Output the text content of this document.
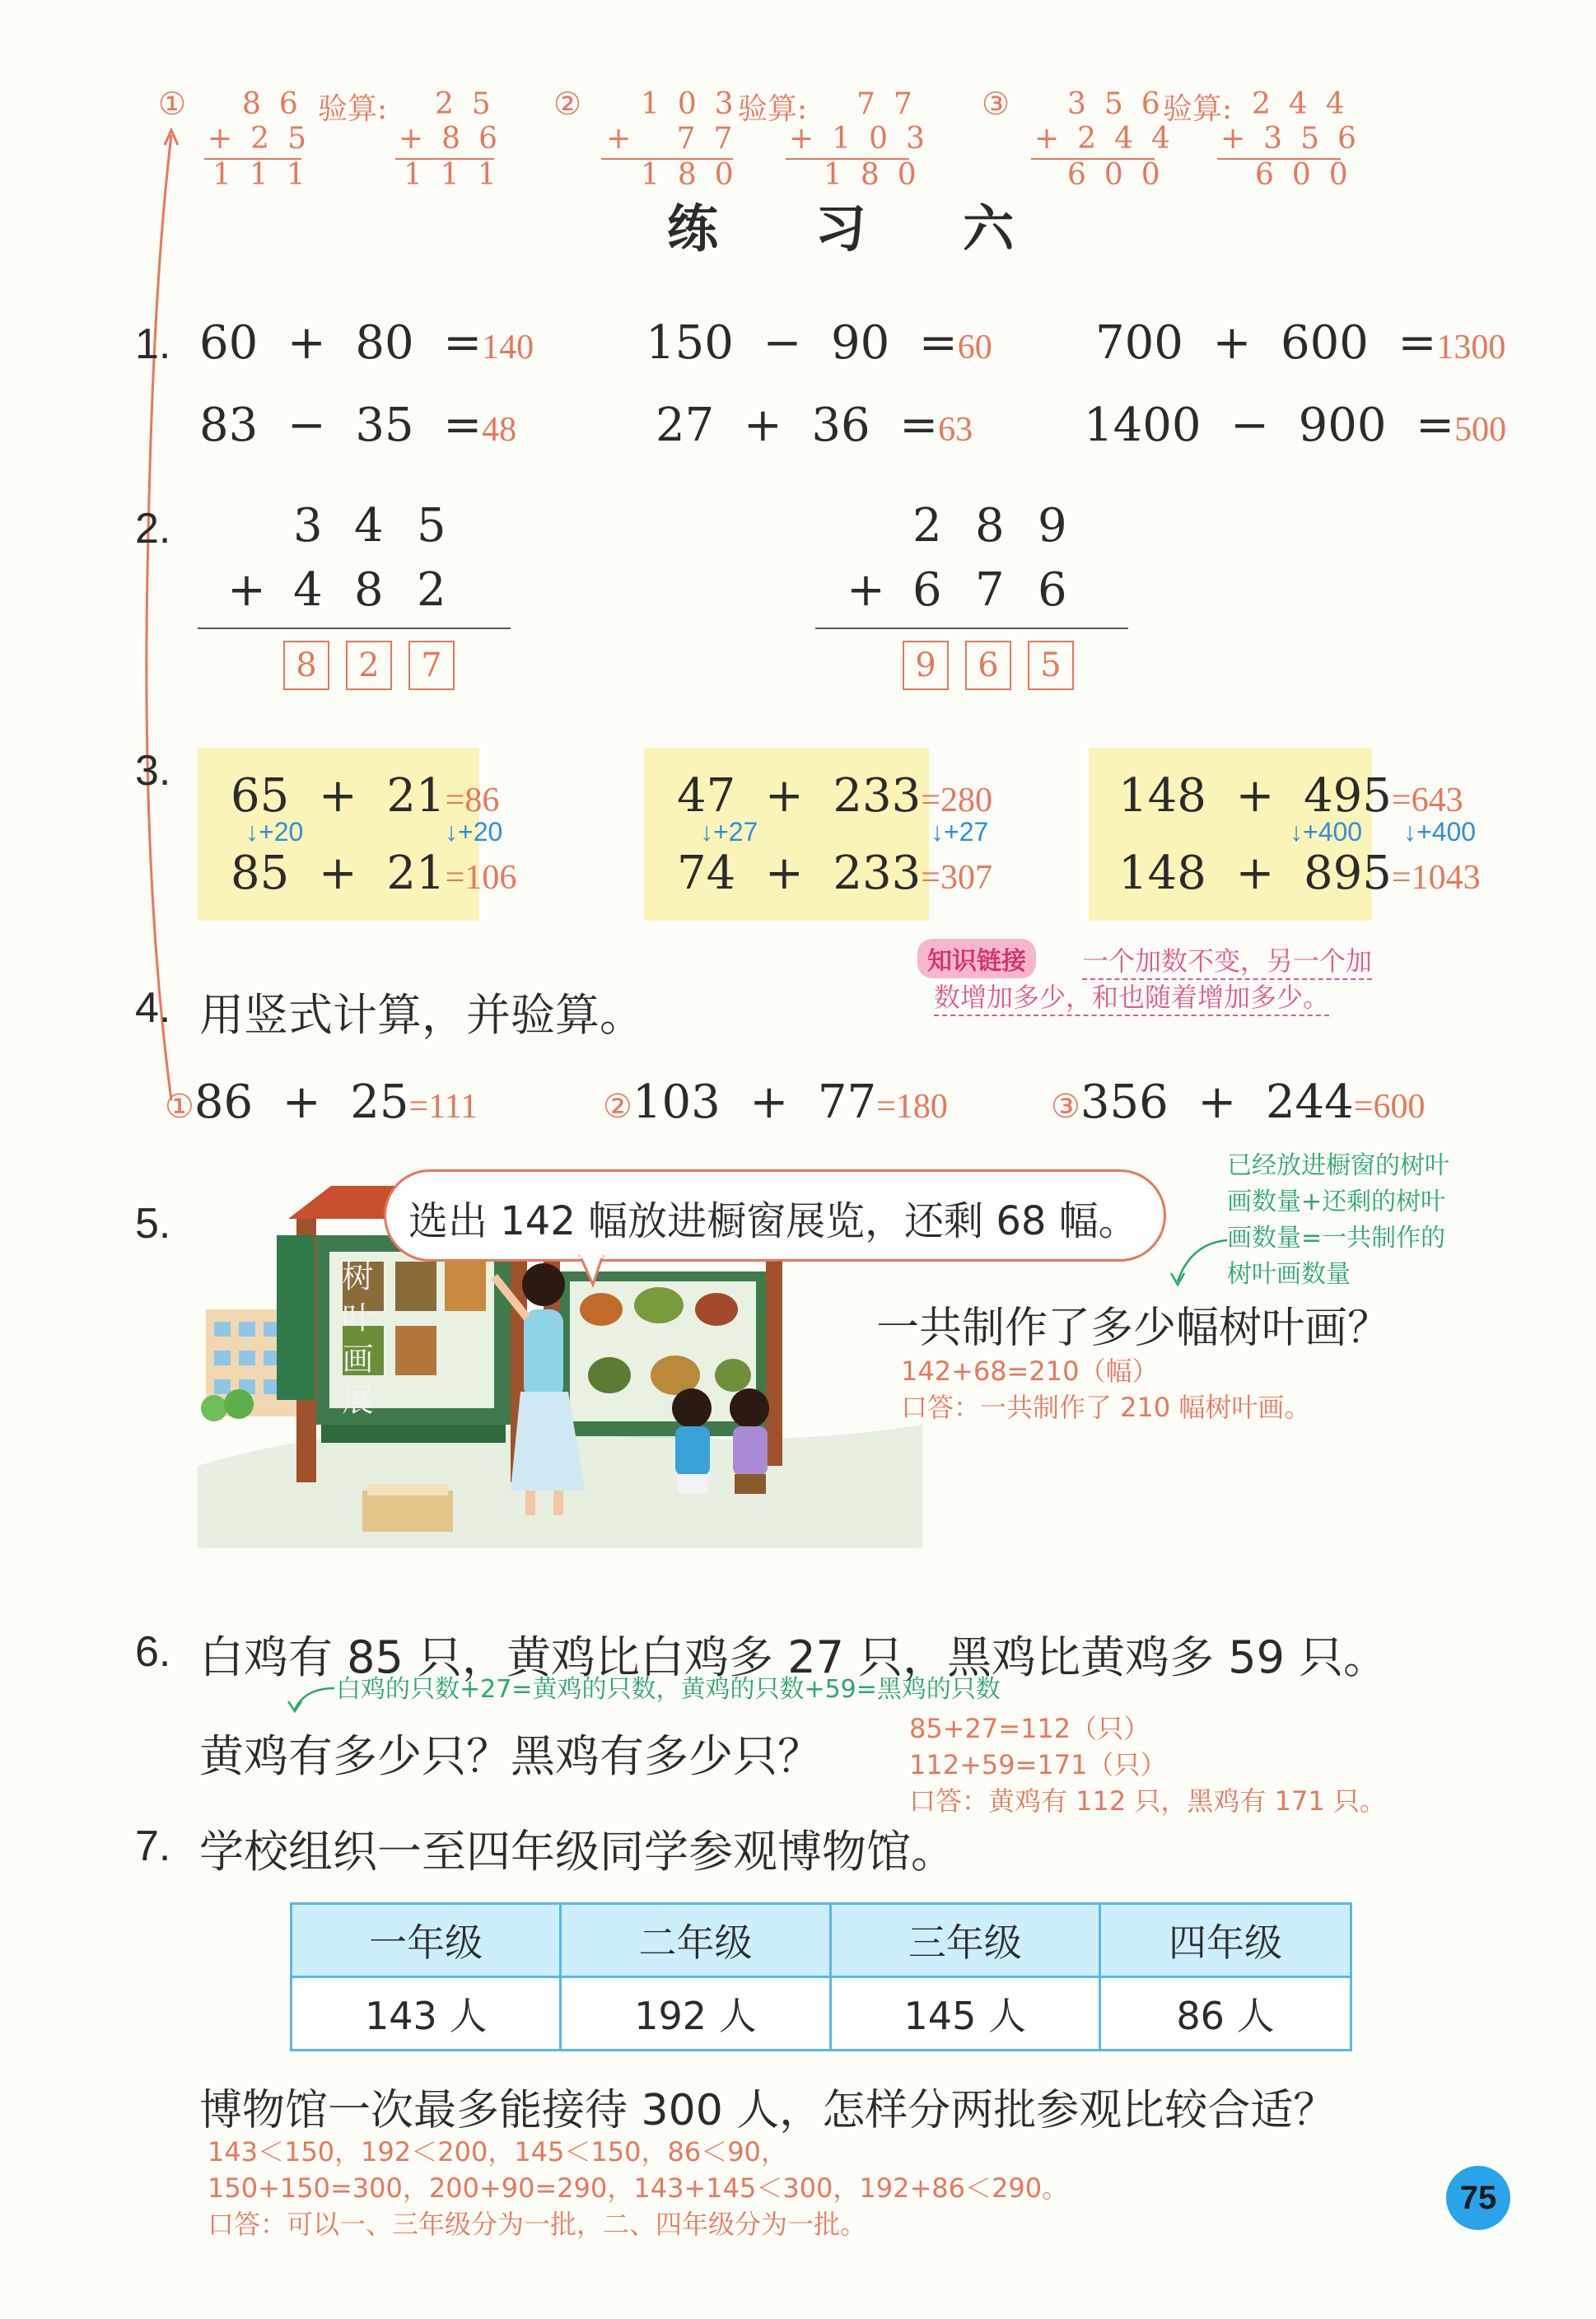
① 86
+25
111
验算: 25
+86
111
② 103
+ 77
180
验算: 77
+103
180
③ 356
+244
600
验算: 244
+356
600
练 习 六
1. 60  +  80  =140 150  −  90  =60 700  +  600  =1300
83  −  35  =48	27  +  36  =63 1400  −  900  =500
2.	3 4 5
+ 4 8 2
8	2	7
2 8 9
+ 6 7 6
9	6	5
3. 65  +  21=86
85  +  21=106
↓+20	↓+20
47  +  233=280
74  +  233=307
↓+27	↓+27
148  +  495=643
148  +  895=1043
↓+400 ↓+400
知识链接	一个加数不变，另一个加
数增加多少，和也随着增加多少。
4. 用竖式计算，并验算。
①86  +  25=111	②103  +  77=180	③356  +  244=600
5.
树叶画展
选出 142 幅放进橱窗展览，还剩 68 幅。
已经放进橱窗的树叶
画数量+还剩的树叶
画数量=一共制作的
树叶画数量
一共制作了多少幅树叶画？
142+68=210（幅）
口答：一共制作了 210 幅树叶画。
6. 白鸡有 85 只，黄鸡比白鸡多 27 只，黑鸡比黄鸡多 59 只。
白鸡的只数+27=黄鸡的只数，黄鸡的只数+59=黑鸡的只数
黄鸡有多少只？黑鸡有多少只？
85+27=112（只）
112+59=171（只）
口答：黄鸡有 112 只，黑鸡有 171 只。
7. 学校组织一至四年级同学参观博物馆。
一年级	二年级	三年级	四年级
143 人	192 人	145 人	86 人
博物馆一次最多能接待 300 人，怎样分两批参观比较合适？
143＜150，192＜200，145＜150，86＜90，
150+150=300，200+90=290，143+145＜300，192+86＜290。
口答：可以一、三年级分为一批，二、四年级分为一批。
75
